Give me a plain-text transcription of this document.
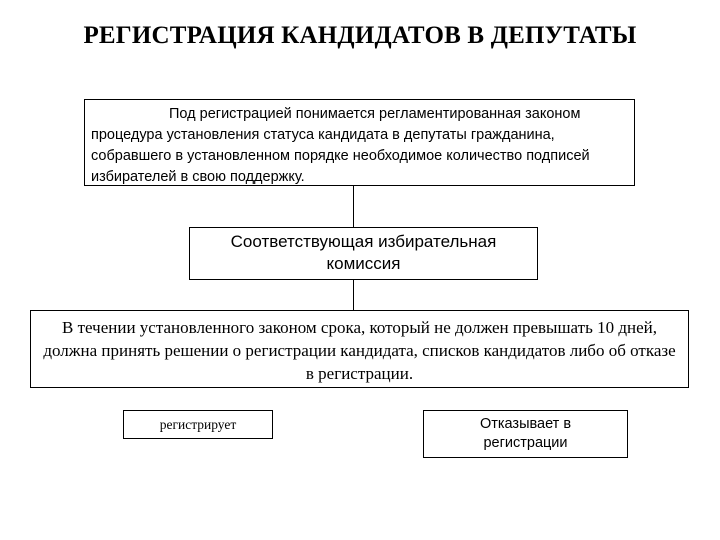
РЕГИСТРАЦИЯ КАНДИДАТОВ В ДЕПУТАТЫ
Под регистрацией понимается регламентированная законом процедура установления статуса кандидата в депутаты гражданина, собравшего в установленном порядке необходимое количество подписей избирателей в свою поддержку.
Соответствующая избирательная комиссия
В течении установленного законом срока, который не должен превышать 10 дней, должна принять решении о регистрации кандидата, списков кандидатов либо об отказе в регистрации.
регистрирует	Отказывает в регистрации
